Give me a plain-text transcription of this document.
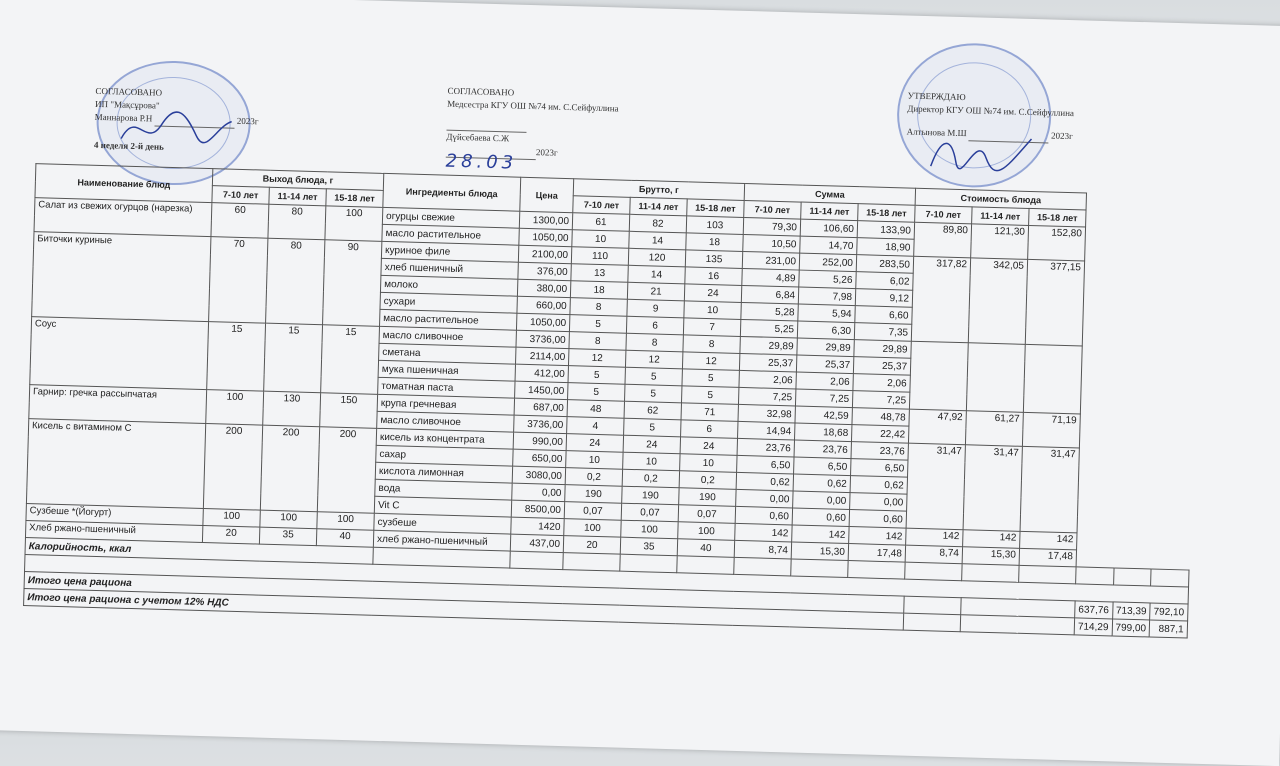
СОГЛАСОВАНО
ИП "Мақсұрова"
Маннарова Р.Н	2023г
4 неделя 2-й день
СОГЛАСОВАНО
Медсестра КГУ ОШ №74 им. С.Сейфуллина

Дүйсебаева С.Ж
2023г
28.03
УТВЕРЖДАЮ
Директор КГУ ОШ №74 им. С.Сейфуллина
Алтынова М.Ш	2023г
Наименование блюд	Выход блюда, г			Ингредиенты блюда	Цена	Брутто, г			Сумма			Стоимость блюда					
	7-10 лет	11-14 лет	15-18 лет			7-10 лет	11-14 лет	15-18 лет	7-10 лет	11-14 лет	15-18 лет	7-10 лет	11-14 лет	15-18 лет			
Салат из свежих огурцов (нарезка)	60	80	100	огурцы свежие	1300,00	61	82	103	79,30	106,60	133,90	89,80	121,30	152,80			
				масло растительное	1050,00	10	14	18	10,50	14,70	18,90						
Биточки куриные	70	80	90	куриное филе	2100,00	110	120	135	231,00	252,00	283,50	317,82	342,05	377,15			
				хлеб пшеничный	376,00	13	14	16	4,89	5,26	6,02						
				молоко	380,00	18	21	24	6,84	7,98	9,12						
				сухари	660,00	8	9	10	5,28	5,94	6,60						
				масло растительное	1050,00	5	6	7	5,25	6,30	7,35						
Соус	15	15	15	масло сливочное	3736,00	8	8	8	29,89	29,89	29,89						
				сметана	2114,00	12	12	12	25,37	25,37	25,37						
				мука пшеничная	412,00	5	5	5	2,06	2,06	2,06						
				томатная паста	1450,00	5	5	5	7,25	7,25	7,25						
Гарнир: гречка рассыпчатая	100	130	150	крупа гречневая	687,00	48	62	71	32,98	42,59	48,78	47,92	61,27	71,19			
				масло сливочное	3736,00	4	5	6	14,94	18,68	22,42						
Кисель с витамином С	200	200	200	кисель из концентрата	990,00	24	24	24	23,76	23,76	23,76	31,47	31,47	31,47			
				сахар	650,00	10	10	10	6,50	6,50	6,50						
				кислота лимонная	3080,00	0,2	0,2	0,2	0,62	0,62	0,62						
				вода	0,00	190	190	190	0,00	0,00	0,00						
				Vit C	8500,00	0,07	0,07	0,07	0,60	0,60	0,60						
Сузбеше *(Йогурт)	100	100	100	сузбеше	1420	100	100	100	142	142	142	142	142	142			
Хлеб ржано-пшеничный	20	35	40	хлеб ржано-пшеничный	437,00	20	35	40	8,74	15,30	17,48	8,74	15,30	17,48			
Калорийность, ккал																	

Итого цена рациона															637,76	713,39	792,10
Итого цена рациона с учетом 12% НДС															714,29	799,00	887,1
